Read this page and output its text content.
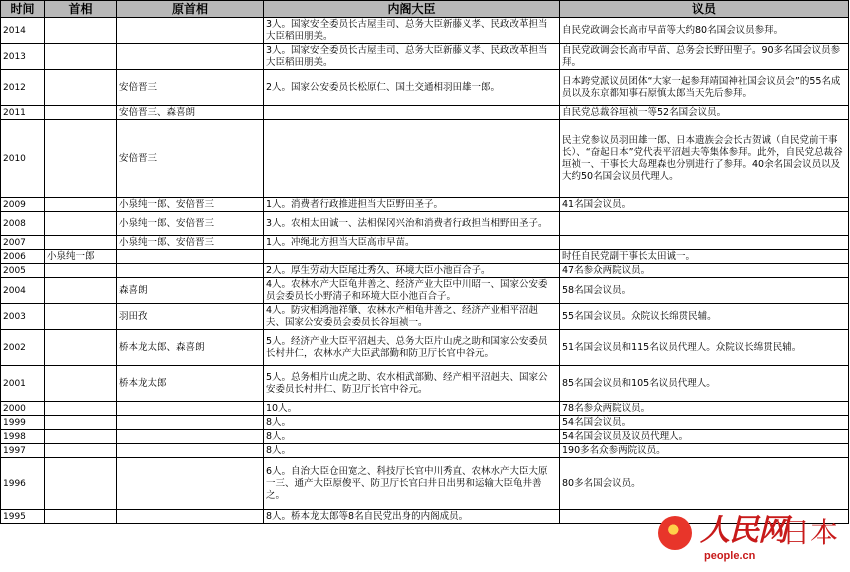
时间	首相	原首相	内阁大臣	议员
2014			3人。国家安全委员长古屋圭司、总务大臣新藤义孝、民政改革担当大臣稻田朋美。	自民党政调会长高市早苗等大约80名国会议员参拜。
2013			3人。国家安全委员长古屋圭司、总务大臣新藤义孝、民政改革担当大臣稻田朋美。	自民党政调会长高市早苗、总务会长野田聖子。90多名国会议员参拜。
2012		安倍晋三	2人。国家公安委员长松原仁、国土交通相羽田雄一郎。	日本跨党派议员团体“大家一起参拜靖国神社国会议员会”的55名成员以及东京都知事石原慎太郎当天先后参拜。
2011		安倍晋三、森喜朗		自民党总裁谷垣祯一等52名国会议员。
2010		安倍晋三		民主党参议员羽田雄一郎、日本遗族会会长古贺诚（自民党前干事长）、“奋起日本”党代表平沼赳夫等集体参拜。此外，自民党总裁谷垣祯一、干事长大岛理森也分别进行了参拜。40余名国会议员以及大约50名国会议员代理人。
2009		小泉纯一郎、安倍晋三	1人。消费者行政推进担当大臣野田圣子。	41名国会议员。
2008		小泉纯一郎、安倍晋三	3人。农相太田诚一、法相保冈兴治和消费者行政担当相野田圣子。	
2007		小泉纯一郎、安倍晋三	1人。冲绳北方担当大臣高市早苗。	
2006	小泉纯一郎			时任自民党副干事长太田诚一。
2005			2人。厚生劳动大臣尾辻秀久、环境大臣小池百合子。	47名参众两院议员。
2004		森喜朗	4人。农林水产大臣龟井善之、经济产业大臣中川昭一、国家公安委员会委员长小野清子和环境大臣小池百合子。	58名国会议员。
2003		羽田孜	4人。防灾相鸿池祥肇、农林水产相龟井善之、经济产业相平沼赳夫、国家公安委员会委员长谷垣祯一。	55名国会议员。众院议长绵贯民辅。
2002		桥本龙太郎、森喜朗	5人。经济产业大臣平沼赳夫、总务大臣片山虎之助和国家公安委员长村井仁，农林水产大臣武部勤和防卫厅长官中谷元。	51名国会议员和115名议员代理人。众院议长绵贯民辅。
2001		桥本龙太郎	5人。总务相片山虎之助、农水相武部勤、经产相平沼赳夫、国家公安委员长村井仁、防卫厅长官中谷元。	85名国会议员和105名议员代理人。
2000			10人。	78名参众两院议员。
1999			8人。	54名国会议员。
1998			8人。	54名国会议员及议员代理人。
1997			8人。	190多名众参两院议员。
1996			6人。自治大臣仓田宽之、科技厅长官中川秀直、农林水产大臣大原一三、通产大臣原俊平、防卫厅长官臼井日出男和运输大臣龟井善之。	80多名国会议员。
1995			8人。桥本龙太郎等8名自民党出身的内阁成员。		人民网
日本
people.cn
